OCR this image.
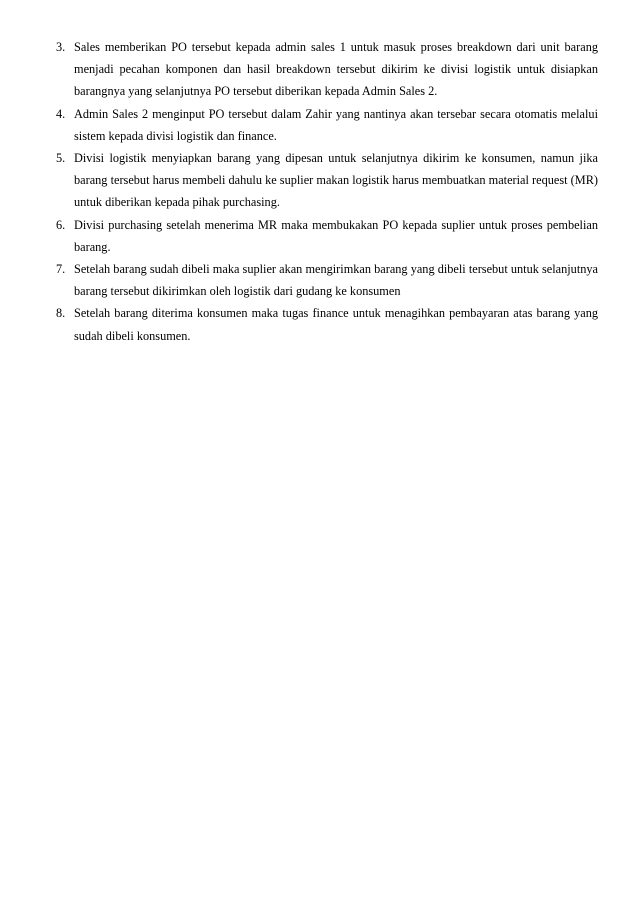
3. Sales memberikan PO tersebut kepada admin sales 1 untuk masuk proses breakdown dari unit barang menjadi pecahan komponen dan hasil breakdown tersebut dikirim ke divisi logistik untuk disiapkan barangnya yang selanjutnya PO tersebut diberikan kepada Admin Sales 2.
4. Admin Sales 2 menginput PO tersebut dalam Zahir yang nantinya akan tersebar secara otomatis melalui sistem kepada divisi logistik dan finance.
5. Divisi logistik menyiapkan barang yang dipesan untuk selanjutnya dikirim ke konsumen, namun jika barang tersebut harus membeli dahulu ke suplier makan logistik harus membuatkan material request (MR) untuk diberikan kepada pihak purchasing.
6. Divisi purchasing setelah menerima MR maka membukakan PO kepada suplier untuk proses pembelian barang.
7. Setelah barang sudah dibeli maka suplier akan mengirimkan barang yang dibeli tersebut untuk selanjutnya barang tersebut dikirimkan oleh logistik dari gudang ke konsumen
8. Setelah barang diterima konsumen maka tugas finance untuk menagihkan pembayaran atas barang yang sudah dibeli konsumen.
